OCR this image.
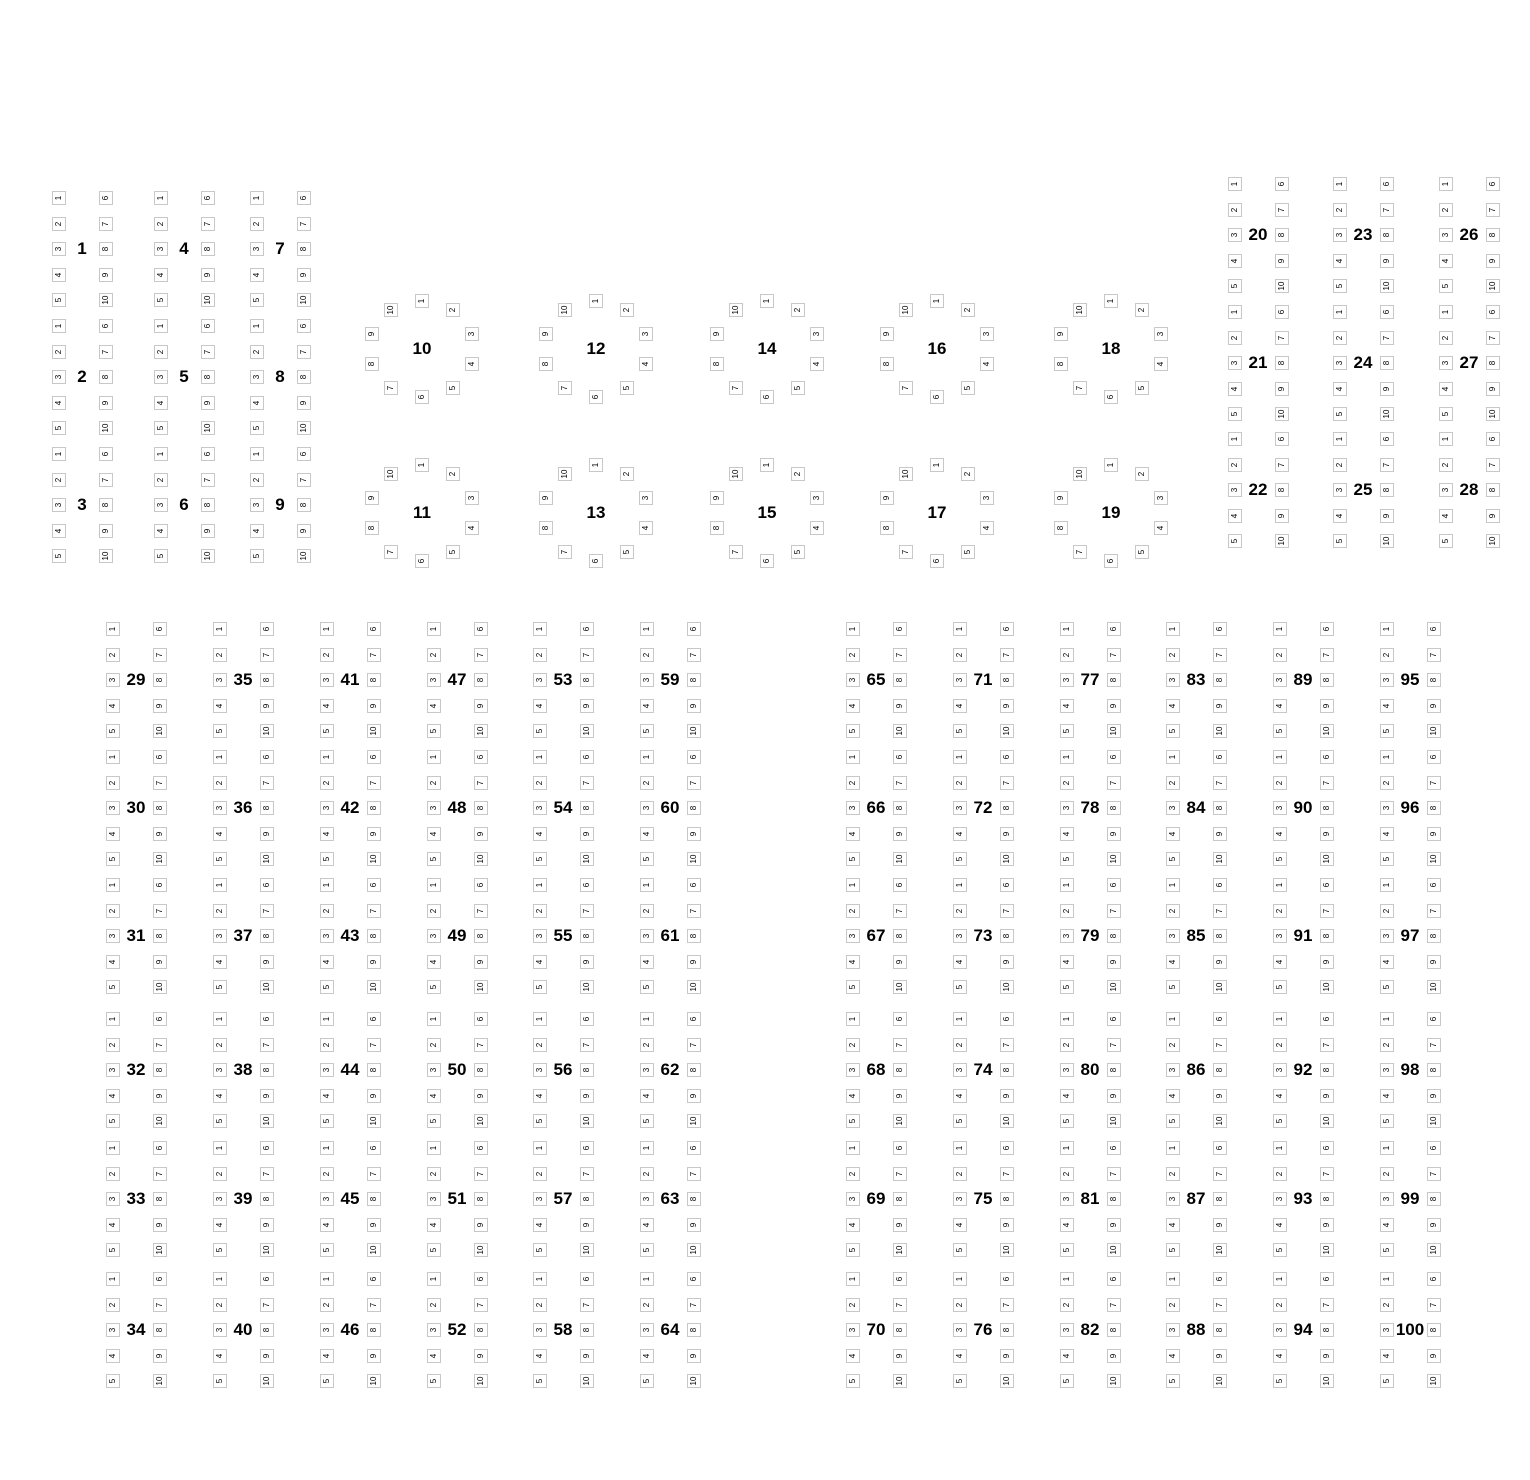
1
2
3
4
5
6
7
8
9
10
1
1
2
3
4
5
6
7
8
9
10
2
1
2
3
4
5
6
7
8
9
10
3
1
2
3
4
5
6
7
8
9
10
4
1
2
3
4
5
6
7
8
9
10
5
1
2
3
4
5
6
7
8
9
10
6
1
2
3
4
5
6
7
8
9
10
7
1
2
3
4
5
6
7
8
9
10
8
1
2
3
4
5
6
7
8
9
10
9
1
2
3
4
5
6
7
8
9
10
10
1
2
3
4
5
6
7
8
9
10
11
1
2
3
4
5
6
7
8
9
10
12
1
2
3
4
5
6
7
8
9
10
13
1
2
3
4
5
6
7
8
9
10
14
1
2
3
4
5
6
7
8
9
10
15
1
2
3
4
5
6
7
8
9
10
16
1
2
3
4
5
6
7
8
9
10
17
1
2
3
4
5
6
7
8
9
10
18
1
2
3
4
5
6
7
8
9
10
19
1
2
3
4
5
6
7
8
9
10
20
1
2
3
4
5
6
7
8
9
10
21
1
2
3
4
5
6
7
8
9
10
22
1
2
3
4
5
6
7
8
9
10
23
1
2
3
4
5
6
7
8
9
10
24
1
2
3
4
5
6
7
8
9
10
25
1
2
3
4
5
6
7
8
9
10
26
1
2
3
4
5
6
7
8
9
10
27
1
2
3
4
5
6
7
8
9
10
28
1
2
3
4
5
6
7
8
9
10
29
1
2
3
4
5
6
7
8
9
10
30
1
2
3
4
5
6
7
8
9
10
31
1
2
3
4
5
6
7
8
9
10
32
1
2
3
4
5
6
7
8
9
10
33
1
2
3
4
5
6
7
8
9
10
34
1
2
3
4
5
6
7
8
9
10
35
1
2
3
4
5
6
7
8
9
10
36
1
2
3
4
5
6
7
8
9
10
37
1
2
3
4
5
6
7
8
9
10
38
1
2
3
4
5
6
7
8
9
10
39
1
2
3
4
5
6
7
8
9
10
40
1
2
3
4
5
6
7
8
9
10
41
1
2
3
4
5
6
7
8
9
10
42
1
2
3
4
5
6
7
8
9
10
43
1
2
3
4
5
6
7
8
9
10
44
1
2
3
4
5
6
7
8
9
10
45
1
2
3
4
5
6
7
8
9
10
46
1
2
3
4
5
6
7
8
9
10
47
1
2
3
4
5
6
7
8
9
10
48
1
2
3
4
5
6
7
8
9
10
49
1
2
3
4
5
6
7
8
9
10
50
1
2
3
4
5
6
7
8
9
10
51
1
2
3
4
5
6
7
8
9
10
52
1
2
3
4
5
6
7
8
9
10
53
1
2
3
4
5
6
7
8
9
10
54
1
2
3
4
5
6
7
8
9
10
55
1
2
3
4
5
6
7
8
9
10
56
1
2
3
4
5
6
7
8
9
10
57
1
2
3
4
5
6
7
8
9
10
58
1
2
3
4
5
6
7
8
9
10
59
1
2
3
4
5
6
7
8
9
10
60
1
2
3
4
5
6
7
8
9
10
61
1
2
3
4
5
6
7
8
9
10
62
1
2
3
4
5
6
7
8
9
10
63
1
2
3
4
5
6
7
8
9
10
64
1
2
3
4
5
6
7
8
9
10
65
1
2
3
4
5
6
7
8
9
10
66
1
2
3
4
5
6
7
8
9
10
67
1
2
3
4
5
6
7
8
9
10
68
1
2
3
4
5
6
7
8
9
10
69
1
2
3
4
5
6
7
8
9
10
70
1
2
3
4
5
6
7
8
9
10
71
1
2
3
4
5
6
7
8
9
10
72
1
2
3
4
5
6
7
8
9
10
73
1
2
3
4
5
6
7
8
9
10
74
1
2
3
4
5
6
7
8
9
10
75
1
2
3
4
5
6
7
8
9
10
76
1
2
3
4
5
6
7
8
9
10
77
1
2
3
4
5
6
7
8
9
10
78
1
2
3
4
5
6
7
8
9
10
79
1
2
3
4
5
6
7
8
9
10
80
1
2
3
4
5
6
7
8
9
10
81
1
2
3
4
5
6
7
8
9
10
82
1
2
3
4
5
6
7
8
9
10
83
1
2
3
4
5
6
7
8
9
10
84
1
2
3
4
5
6
7
8
9
10
85
1
2
3
4
5
6
7
8
9
10
86
1
2
3
4
5
6
7
8
9
10
87
1
2
3
4
5
6
7
8
9
10
88
1
2
3
4
5
6
7
8
9
10
89
1
2
3
4
5
6
7
8
9
10
90
1
2
3
4
5
6
7
8
9
10
91
1
2
3
4
5
6
7
8
9
10
92
1
2
3
4
5
6
7
8
9
10
93
1
2
3
4
5
6
7
8
9
10
94
1
2
3
4
5
6
7
8
9
10
95
1
2
3
4
5
6
7
8
9
10
96
1
2
3
4
5
6
7
8
9
10
97
1
2
3
4
5
6
7
8
9
10
98
1
2
3
4
5
6
7
8
9
10
99
1
2
3
4
5
6
7
8
9
10
100
